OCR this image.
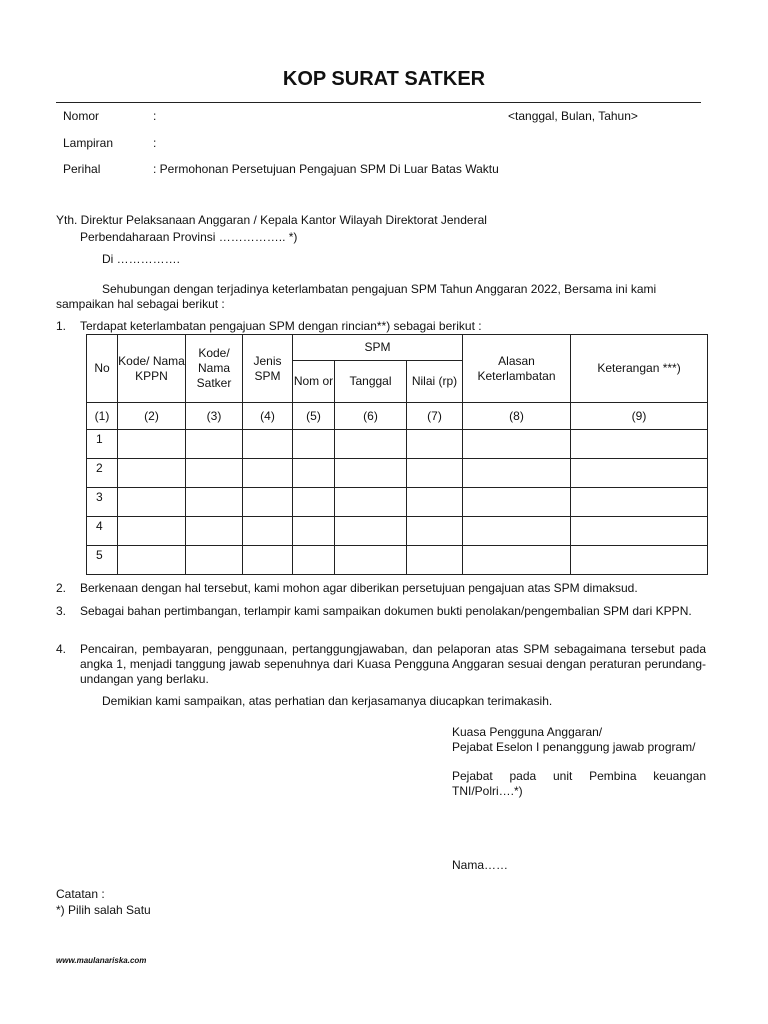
KOP SURAT SATKER
Nomor	:	<tanggal, Bulan, Tahun>
Lampiran	:
Perihal	: Permohonan Persetujuan Pengajuan SPM Di Luar Batas Waktu
Yth. Direktur Pelaksanaan Anggaran / Kepala Kantor Wilayah Direktorat Jenderal
Perbendaharaan Provinsi …………….. *)
Di …………….
Sehubungan dengan terjadinya keterlambatan pengajuan SPM Tahun Anggaran 2022, Bersama ini kami
sampaikan hal sebagai berikut :
1. Terdapat keterlambatan pengajuan SPM dengan rincian**) sebagai berikut :
No	Kode/ Nama KPPN	Kode/ Nama Satker	Jenis SPM	SPM			Alasan Keterlambatan	Keterangan ***)
				Nom or	Tanggal	Nilai (rp)		
(1)	(2)	(3)	(4)	(5)	(6)	(7)	(8)	(9)
1								
2								
3								
4								
5								
2. Berkenaan dengan hal tersebut, kami mohon agar diberikan persetujuan pengajuan atas SPM dimaksud.
3. Sebagai bahan pertimbangan, terlampir kami sampaikan dokumen bukti penolakan/pengembalian SPM dari KPPN.
4. Pencairan, pembayaran, penggunaan, pertanggungjawaban, dan pelaporan atas SPM sebagaimana tersebut pada angka 1, menjadi tanggung jawab sepenuhnya dari Kuasa Pengguna Anggaran sesuai dengan peraturan perundang-undangan yang berlaku.
Demikian kami sampaikan, atas perhatian dan kerjasamanya diucapkan terimakasih.
Kuasa Pengguna Anggaran/
Pejabat Eselon I penanggung jawab program/
Pejabat pada unit Pembina keuangan TNI/Polri….*)
Nama……
Catatan :
*) Pilih salah Satu
www.maulanariska.com
